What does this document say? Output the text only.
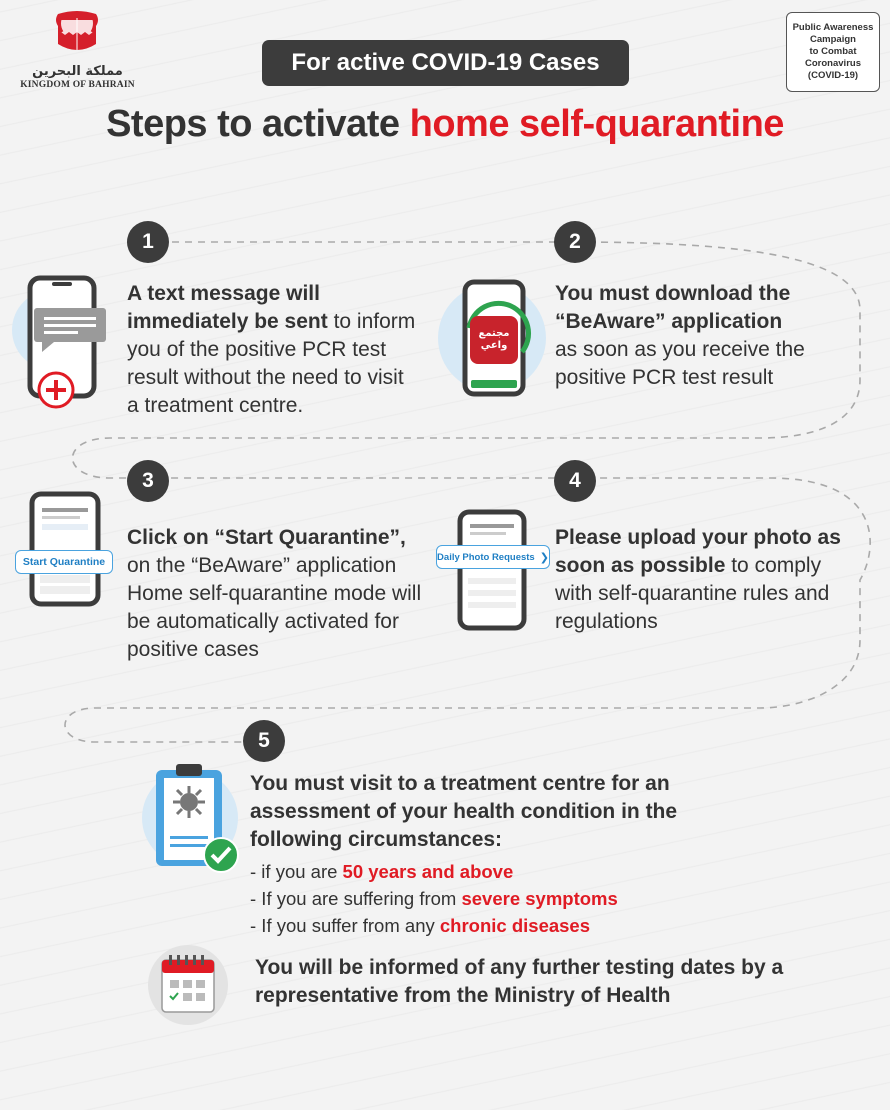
مملكة البحرين
KINGDOM OF BAHRAIN
Public Awareness
Campaign
to Combat
Coronavirus
(COVID-19)
For active COVID-19 Cases
Steps to activate home self-quarantine
1	2
3	4
5
A text message will immediately be sent to inform you of the positive PCR test result without the need to visit a treatment centre.
مجتمع
واعي
You must download the “BeAware” application
as soon as you receive the positive PCR test result
Start Quarantine
Click on “Start Quarantine”,
on the “BeAware” application
Home self-quarantine mode will be automatically activated for positive cases
Daily Photo Requests ❯
Please upload your photo as soon as possible to comply with self-quarantine rules and regulations
You must visit to a treatment centre for an assessment of your health condition in the following circumstances:
- if you are 50 years and above
- If you are suffering from severe symptoms
- If you suffer from any chronic diseases
You will be informed of any further testing dates by a representative from the Ministry of Health
